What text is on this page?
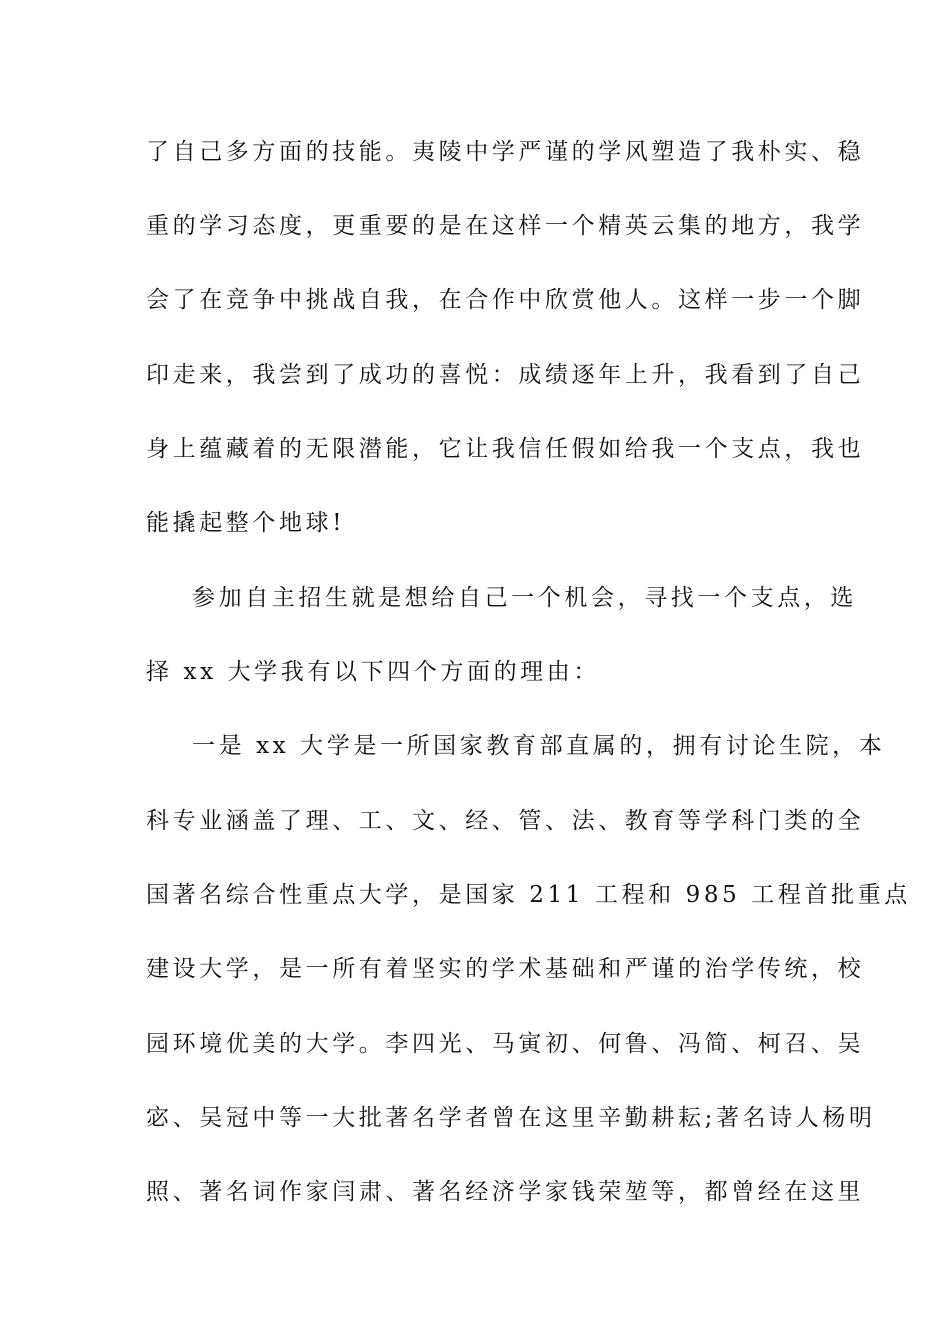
了自己多方面的技能。夷陵中学严谨的学风塑造了我朴实、稳
重的学习态度，更重要的是在这样一个精英云集的地方，我学
会了在竞争中挑战自我，在合作中欣赏他人。这样一步一个脚
印走来，我尝到了成功的喜悦：成绩逐年上升，我看到了自己
身上蕴藏着的无限潜能，它让我信任假如给我一个支点，我也
能撬起整个地球!
参加自主招生就是想给自己一个机会，寻找一个支点，选
择 xx 大学我有以下四个方面的理由：
一是 xx 大学是一所国家教育部直属的，拥有讨论生院，本
科专业涵盖了理、工、文、经、管、法、教育等学科门类的全
国著名综合性重点大学，是国家 211 工程和 985 工程首批重点
建设大学，是一所有着坚实的学术基础和严谨的治学传统，校
园环境优美的大学。李四光、马寅初、何鲁、冯简、柯召、吴
宓、吴冠中等一大批著名学者曾在这里辛勤耕耘;著名诗人杨明
照、著名词作家闫肃、著名经济学家钱荣堃等，都曾经在这里
